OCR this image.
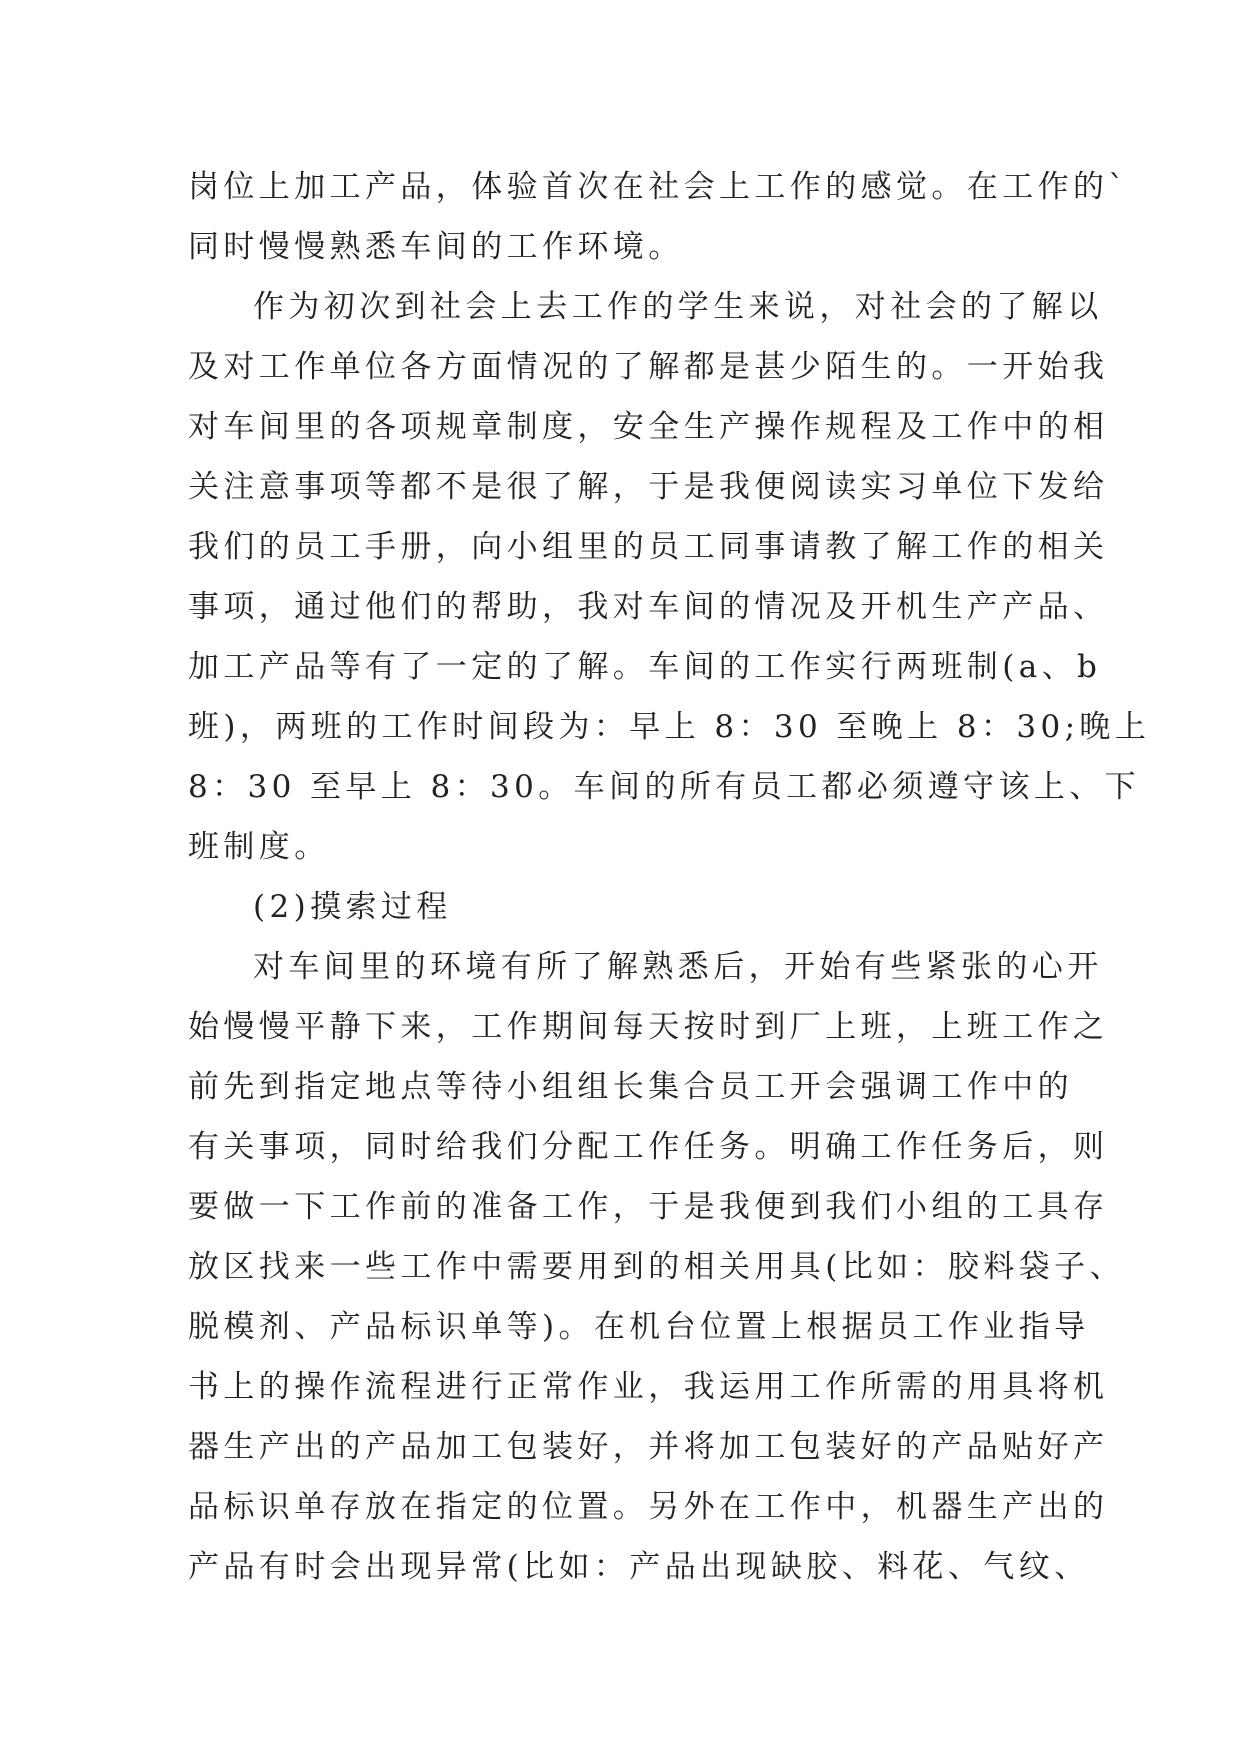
岗位上加工产品，体验首次在社会上工作的感觉。在工作的`
同时慢慢熟悉车间的工作环境。
作为初次到社会上去工作的学生来说，对社会的了解以
及对工作单位各方面情况的了解都是甚少陌生的。一开始我
对车间里的各项规章制度，安全生产操作规程及工作中的相
关注意事项等都不是很了解，于是我便阅读实习单位下发给
我们的员工手册，向小组里的员工同事请教了解工作的相关
事项，通过他们的帮助，我对车间的情况及开机生产产品、
加工产品等有了一定的了解。车间的工作实行两班制(a、b
班)，两班的工作时间段为：早上 8：30 至晚上 8：30;晚上
8：30 至早上 8：30。车间的所有员工都必须遵守该上、下
班制度。
(2)摸索过程
对车间里的环境有所了解熟悉后，开始有些紧张的心开
始慢慢平静下来，工作期间每天按时到厂上班，上班工作之
前先到指定地点等待小组组长集合员工开会强调工作中的
有关事项，同时给我们分配工作任务。明确工作任务后，则
要做一下工作前的准备工作，于是我便到我们小组的工具存
放区找来一些工作中需要用到的相关用具(比如：胶料袋子、
脱模剂、产品标识单等)。在机台位置上根据员工作业指导
书上的操作流程进行正常作业，我运用工作所需的用具将机
器生产出的产品加工包装好，并将加工包装好的产品贴好产
品标识单存放在指定的位置。另外在工作中，机器生产出的
产品有时会出现异常(比如：产品出现缺胶、料花、气纹、
